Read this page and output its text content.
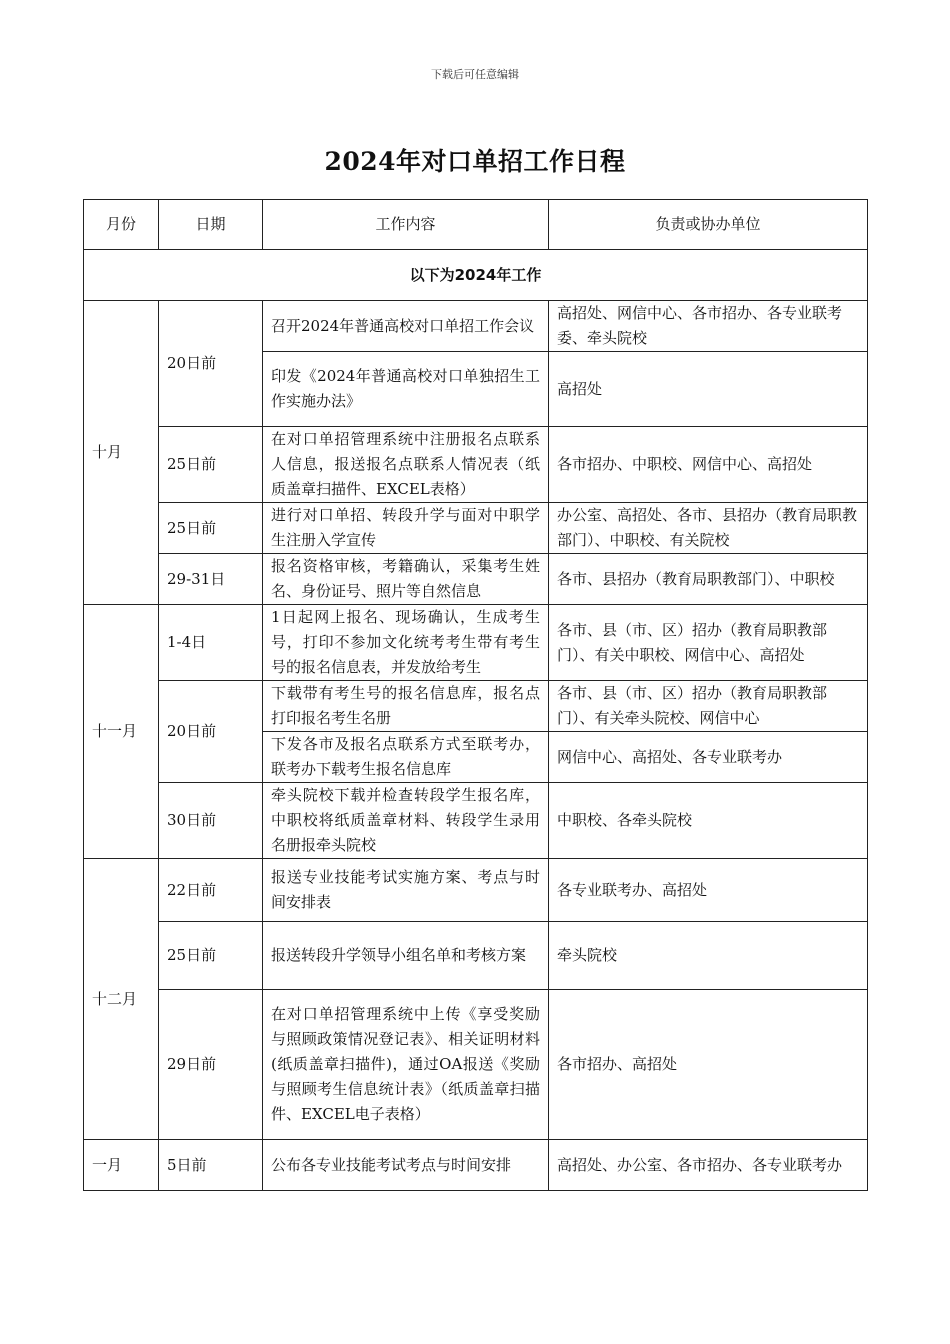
下载后可任意编辑
2024年对口单招工作日程
月份	日期	工作内容	负责或协办单位
以下为2024年工作			
十月	20日前	召开2024年普通高校对口单招工作会议	高招处、网信中心、各市招办、各专业联考委、牵头院校
		印发《2024年普通高校对口单独招生工作实施办法》	高招处
	25日前	在对口单招管理系统中注册报名点联系人信息，报送报名点联系人情况表（纸质盖章扫描件、EXCEL表格）	各市招办、中职校、网信中心、高招处
	25日前	进行对口单招、转段升学与面对中职学生注册入学宣传	办公室、高招处、各市、县招办（教育局职教部门）、中职校、有关院校
	29-31日	报名资格审核，考籍确认，采集考生姓名、身份证号、照片等自然信息	各市、县招办（教育局职教部门）、中职校

十一月	1-4日	1日起网上报名、现场确认，生成考生号，打印不参加文化统考考生带有考生号的报名信息表，并发放给考生	各市、县（市、区）招办（教育局职教部门）、有关中职校、网信中心、高招处
	20日前	下载带有考生号的报名信息库，报名点打印报名考生名册	各市、县（市、区）招办（教育局职教部门）、有关牵头院校、网信中心
		下发各市及报名点联系方式至联考办，联考办下载考生报名信息库	网信中心、高招处、各专业联考办
	30日前	牵头院校下载并检查转段学生报名库，中职校将纸质盖章材料、转段学生录用名册报牵头院校	中职校、各牵头院校
十二月	22日前	报送专业技能考试实施方案、考点与时间安排表	各专业联考办、高招处
	25日前	报送转段升学领导小组名单和考核方案	牵头院校
	29日前	在对口单招管理系统中上传《享受奖励与照顾政策情况登记表》、相关证明材料(纸质盖章扫描件)，通过OA报送《奖励与照顾考生信息统计表》（纸质盖章扫描件、EXCEL电子表格）	各市招办、高招处
一月	5日前	公布各专业技能考试考点与时间安排	高招处、办公室、各市招办、各专业联考办
